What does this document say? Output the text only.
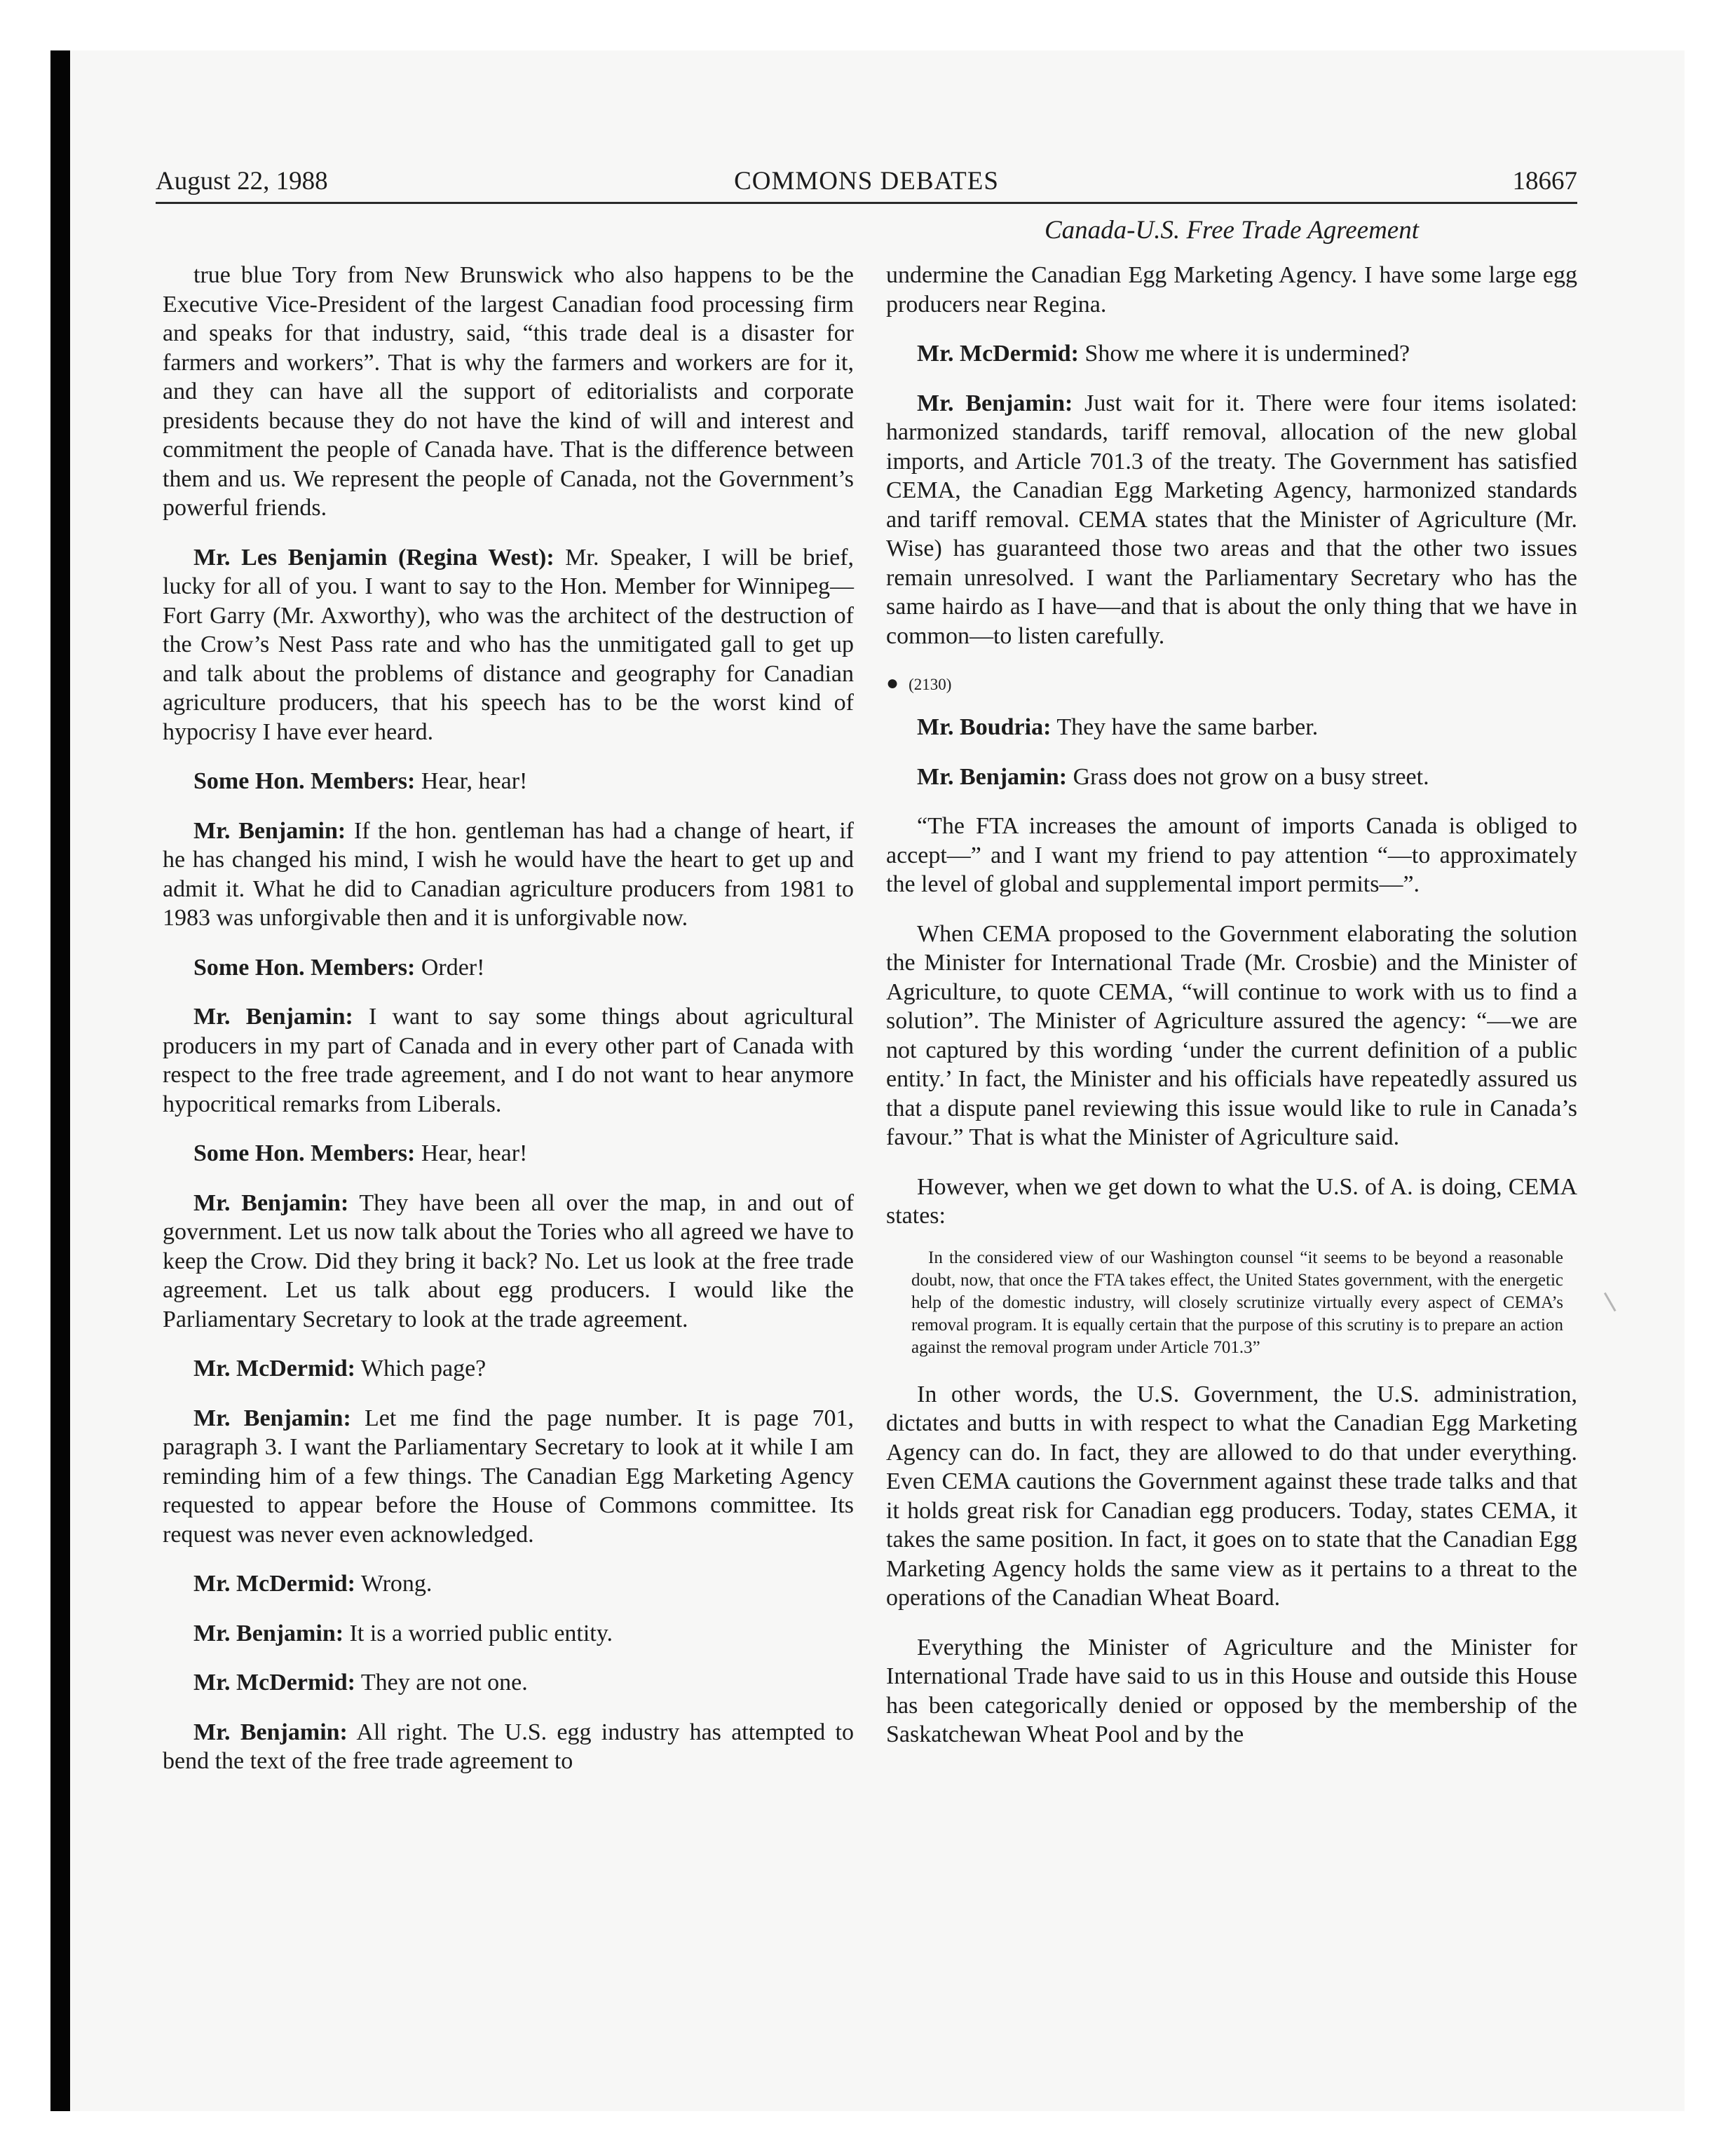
August 22, 1988	COMMONS DEBATES	18667
Canada-U.S. Free Trade Agreement

true blue Tory from New Brunswick who also happens to be the Executive Vice-President of the largest Canadian food processing firm and speaks for that industry, said, “this trade deal is a disaster for farmers and workers”. That is why the farmers and workers are for it, and they can have all the support of editorialists and corporate presidents because they do not have the kind of will and interest and commitment the people of Canada have. That is the difference between them and us. We represent the people of Canada, not the Government’s powerful friends.

Mr. Les Benjamin (Regina West): Mr. Speaker, I will be brief, lucky for all of you. I want to say to the Hon. Member for Winnipeg—Fort Garry (Mr. Axworthy), who was the architect of the destruction of the Crow’s Nest Pass rate and who has the unmitigated gall to get up and talk about the problems of distance and geography for Canadian agriculture producers, that his speech has to be the worst kind of hypocrisy I have ever heard.

Some Hon. Members: Hear, hear!

Mr. Benjamin: If the hon. gentleman has had a change of heart, if he has changed his mind, I wish he would have the heart to get up and admit it. What he did to Canadian agriculture producers from 1981 to 1983 was unforgivable then and it is unforgivable now.

Some Hon. Members: Order!

Mr. Benjamin: I want to say some things about agricultural producers in my part of Canada and in every other part of Canada with respect to the free trade agreement, and I do not want to hear anymore hypocritical remarks from Liberals.

Some Hon. Members: Hear, hear!

Mr. Benjamin: They have been all over the map, in and out of government. Let us now talk about the Tories who all agreed we have to keep the Crow. Did they bring it back? No. Let us look at the free trade agreement. Let us talk about egg producers. I would like the Parliamentary Secretary to look at the trade agreement.

Mr. McDermid: Which page?

Mr. Benjamin: Let me find the page number. It is page 701, paragraph 3. I want the Parliamentary Secretary to look at it while I am reminding him of a few things. The Canadian Egg Marketing Agency requested to appear before the House of Commons committee. Its request was never even acknowledged.

Mr. McDermid: Wrong.

Mr. Benjamin: It is a worried public entity.

Mr. McDermid: They are not one.

Mr. Benjamin: All right. The U.S. egg industry has attempted to bend the text of the free trade agreement to

undermine the Canadian Egg Marketing Agency. I have some large egg producers near Regina.

Mr. McDermid: Show me where it is undermined?

Mr. Benjamin: Just wait for it. There were four items isolated: harmonized standards, tariff removal, allocation of the new global imports, and Article 701.3 of the treaty. The Government has satisfied CEMA, the Canadian Egg Marketing Agency, harmonized standards and tariff removal. CEMA states that the Minister of Agriculture (Mr. Wise) has guaranteed those two areas and that the other two issues remain unresolved. I want the Parliamentary Secretary who has the same hairdo as I have—and that is about the only thing that we have in common—to listen carefully.

● (2130)

Mr. Boudria: They have the same barber.

Mr. Benjamin: Grass does not grow on a busy street.

“The FTA increases the amount of imports Canada is obliged to accept—” and I want my friend to pay attention “—to approximately the level of global and supplemental import permits—”.

When CEMA proposed to the Government elaborating the solution the Minister for International Trade (Mr. Crosbie) and the Minister of Agriculture, to quote CEMA, “will continue to work with us to find a solution”. The Minister of Agriculture assured the agency: “—we are not captured by this wording ‘under the current definition of a public entity.’ In fact, the Minister and his officials have repeatedly assured us that a dispute panel reviewing this issue would like to rule in Canada’s favour.” That is what the Minister of Agriculture said.

However, when we get down to what the U.S. of A. is doing, CEMA states:

In the considered view of our Washington counsel “it seems to be beyond a reasonable doubt, now, that once the FTA takes effect, the United States government, with the energetic help of the domestic industry, will closely scrutinize virtually every aspect of CEMA’s removal program. It is equally certain that the purpose of this scrutiny is to prepare an action against the removal program under Article 701.3”

In other words, the U.S. Government, the U.S. administration, dictates and butts in with respect to what the Canadian Egg Marketing Agency can do. In fact, they are allowed to do that under everything. Even CEMA cautions the Government against these trade talks and that it holds great risk for Canadian egg producers. Today, states CEMA, it takes the same position. In fact, it goes on to state that the Canadian Egg Marketing Agency holds the same view as it pertains to a threat to the operations of the Canadian Wheat Board.

Everything the Minister of Agriculture and the Minister for International Trade have said to us in this House and outside this House has been categorically denied or opposed by the membership of the Saskatchewan Wheat Pool and by the
